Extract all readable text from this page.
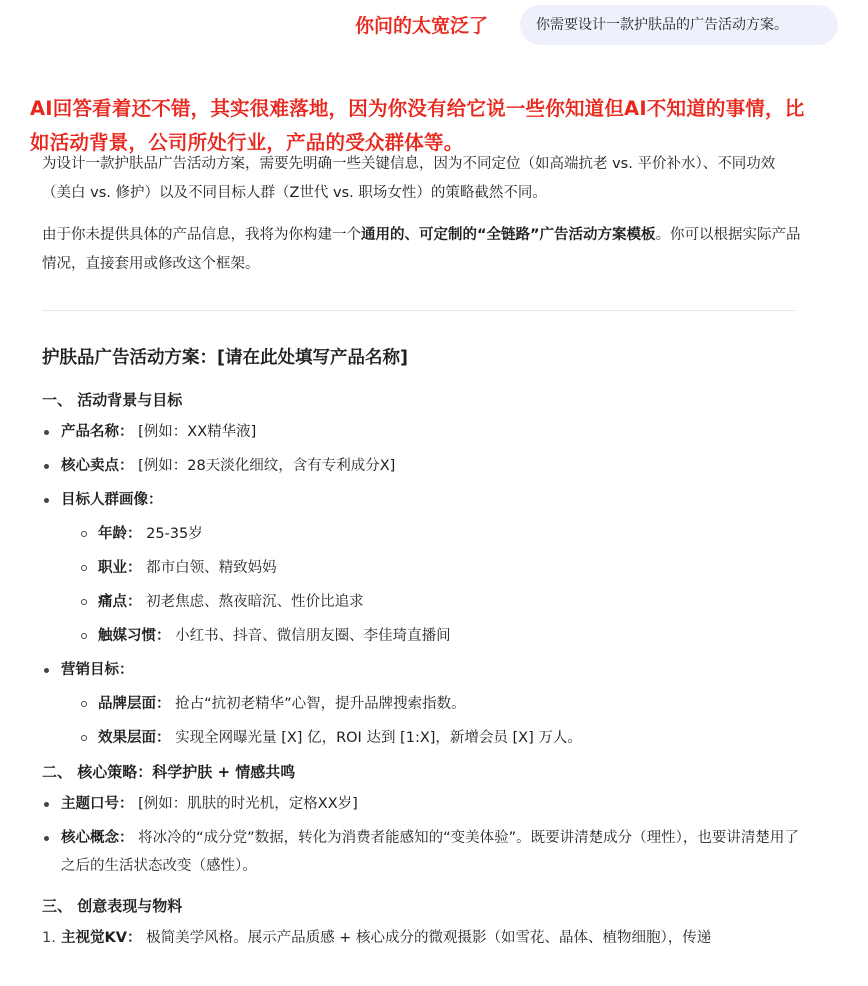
你问的太宽泛了	你需要设计一款护肤品的广告活动方案。
AI回答看着还不错，其实很难落地，因为你没有给它说一些你知道但AI不知道的事情，比如活动背景，公司所处行业，产品的受众群体等。

为设计一款护肤品广告活动方案，需要先明确一些关键信息，因为不同定位（如高端抗老 vs. 平价补水）、不同功效（美白 vs. 修护）以及不同目标人群（Z世代 vs. 职场女性）的策略截然不同。

由于你未提供具体的产品信息，我将为你构建一个通用的、可定制的“全链路”广告活动方案模板。你可以根据实际产品情况，直接套用或修改这个框架。

护肤品广告活动方案：[请在此处填写产品名称]
一、 活动背景与目标
产品名称： [例如：XX精华液]
核心卖点： [例如：28天淡化细纹，含有专利成分X]
目标人群画像：
年龄： 25-35岁
职业： 都市白领、精致妈妈
痛点： 初老焦虑、熬夜暗沉、性价比追求
触媒习惯： 小红书、抖音、微信朋友圈、李佳琦直播间
营销目标：
品牌层面： 抢占“抗初老精华”心智，提升品牌搜索指数。
效果层面： 实现全网曝光量 [X] 亿，ROI 达到 [1:X]，新增会员 [X] 万人。
二、 核心策略：科学护肤 + 情感共鸣
主题口号： [例如：肌肤的时光机，定格XX岁]
核心概念： 将冰冷的“成分党”数据，转化为消费者能感知的“变美体验”。既要讲清楚成分（理性），也要讲清楚用了之后的生活状态改变（感性）。
三、 创意表现与物料
1. 主视觉KV： 极简美学风格。展示产品质感 + 核心成分的微观摄影（如雪花、晶体、植物细胞），传递
